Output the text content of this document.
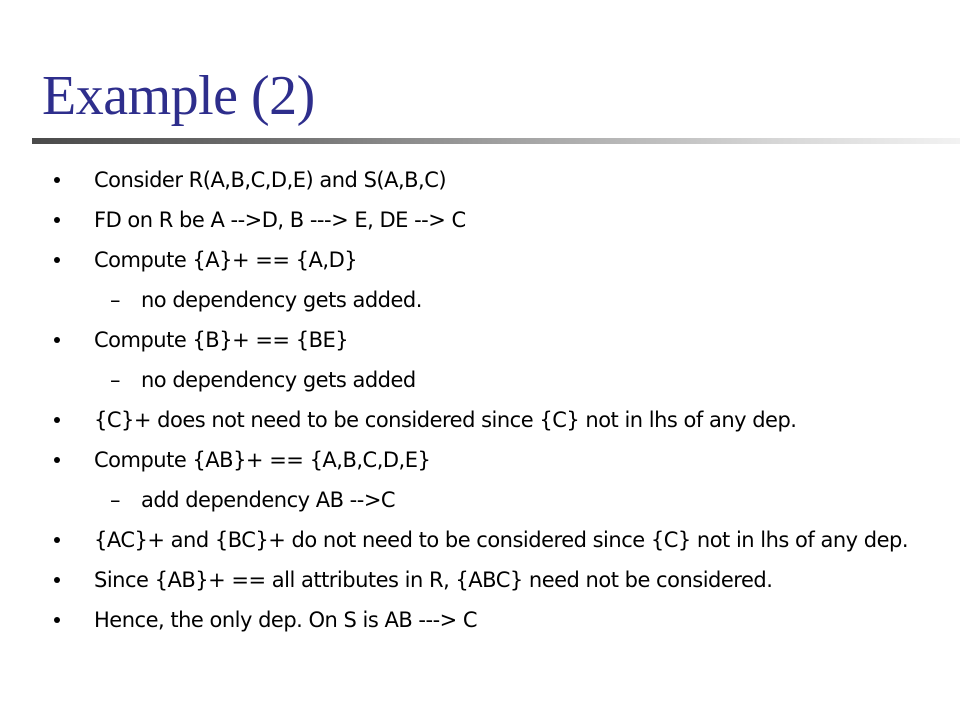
Example (2)
Consider R(A,B,C,D,E) and S(A,B,C)
FD on R be A -->D, B ---> E, DE --> C
Compute {A}+ == {A,D}
– no dependency gets added.
Compute {B}+ == {BE}
– no dependency gets added
{C}+ does not need to be considered since {C} not in lhs of any dep.
Compute {AB}+ == {A,B,C,D,E}
– add dependency AB -->C
{AC}+ and {BC}+ do not need to be considered since {C} not in lhs of any dep.
Since {AB}+ == all attributes in R, {ABC} need not be considered.
Hence, the only dep. On S is AB ---> C
